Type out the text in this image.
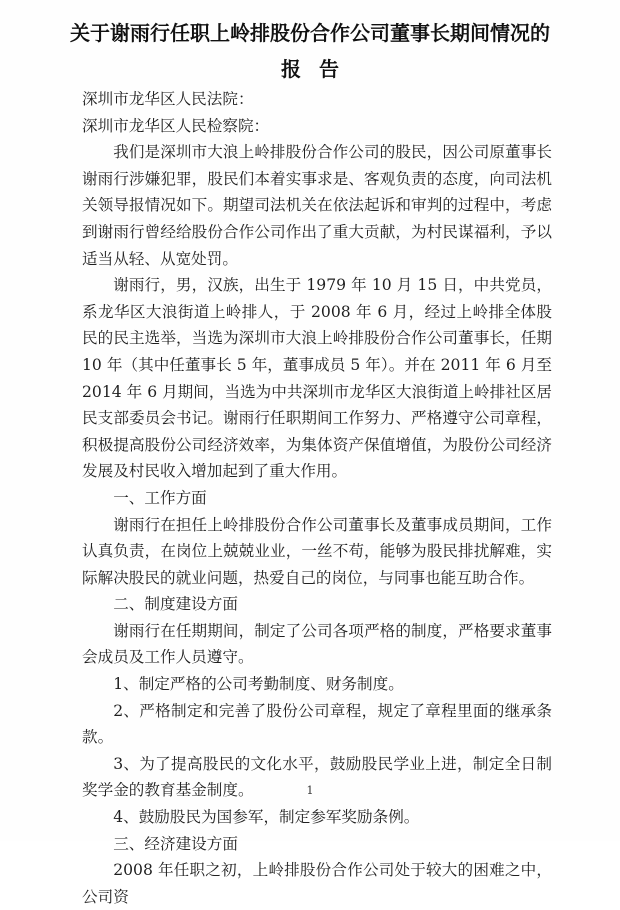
关于谢雨行任职上岭排股份合作公司董事长期间情况的
报告

深圳市龙华区人民法院：

深圳市龙华区人民检察院：

我们是深圳市大浪上岭排股份合作公司的股民，因公司原董事长谢雨行涉嫌犯罪，股民们本着实事求是、客观负责的态度，向司法机关领导报情况如下。期望司法机关在依法起诉和审判的过程中，考虑到谢雨行曾经给股份合作公司作出了重大贡献，为村民谋福利，予以适当从轻、从宽处罚。

谢雨行，男，汉族，出生于 1979 年 10 月 15 日，中共党员，系龙华区大浪街道上岭排人，于 2008 年 6 月，经过上岭排全体股民的民主选举，当选为深圳市大浪上岭排股份合作公司董事长，任期 10 年（其中任董事长 5 年，董事成员 5 年）。并在 2011 年 6 月至 2014 年 6 月期间，当选为中共深圳市龙华区大浪街道上岭排社区居民支部委员会书记。谢雨行任职期间工作努力、严格遵守公司章程，积极提高股份公司经济效率，为集体资产保值增值，为股份公司经济发展及村民收入增加起到了重大作用。

一、工作方面

谢雨行在担任上岭排股份合作公司董事长及董事成员期间，工作认真负责，在岗位上兢兢业业，一丝不苟，能够为股民排扰解难，实际解决股民的就业问题，热爱自己的岗位，与同事也能互助合作。

二、制度建设方面

谢雨行在任期期间，制定了公司各项严格的制度，严格要求董事会成员及工作人员遵守。

1、制定严格的公司考勤制度、财务制度。

2、严格制定和完善了股份公司章程，规定了章程里面的继承条款。

3、为了提高股民的文化水平，鼓励股民学业上进，制定全日制奖学金的教育基金制度。

4、鼓励股民为国参军，制定参军奖励条例。

三、经济建设方面

2008 年任职之初，上岭排股份合作公司处于较大的困难之中，公司资

1
